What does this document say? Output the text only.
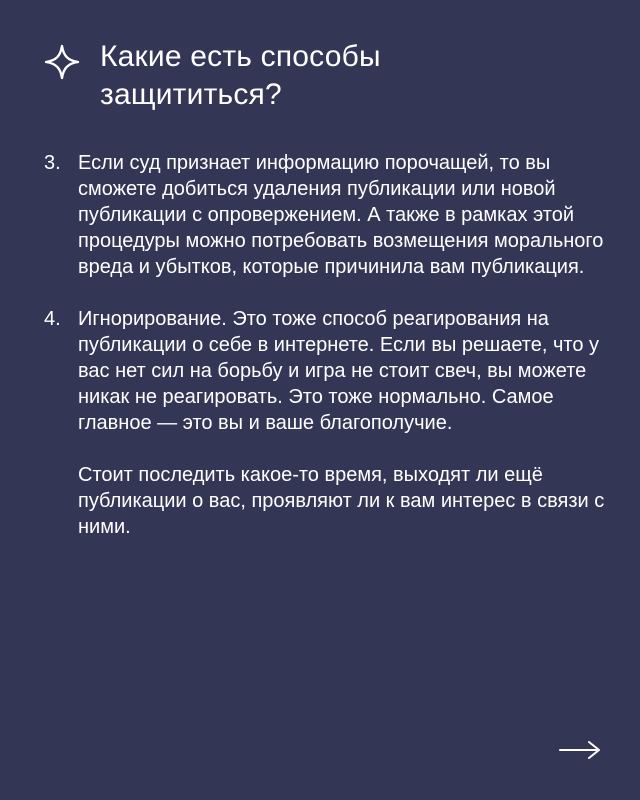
Какие есть способы защититься?
3. Если суд признает информацию порочащей, то вы сможете добиться удаления публикации или новой публикации с опровержением. А также в рамках этой процедуры можно потребовать возмещения морального вреда и убытков, которые причинила вам публикация.

4. Игнорирование. Это тоже способ реагирования на публикации о себе в интернете. Если вы решаете, что у вас нет сил на борьбу и игра не стоит свеч, вы можете никак не реагировать. Это тоже нормально. Самое главное — это вы и ваше благополучие.

Стоит последить какое-то время, выходят ли ещё публикации о вас, проявляют ли к вам интерес в связи с ними.
